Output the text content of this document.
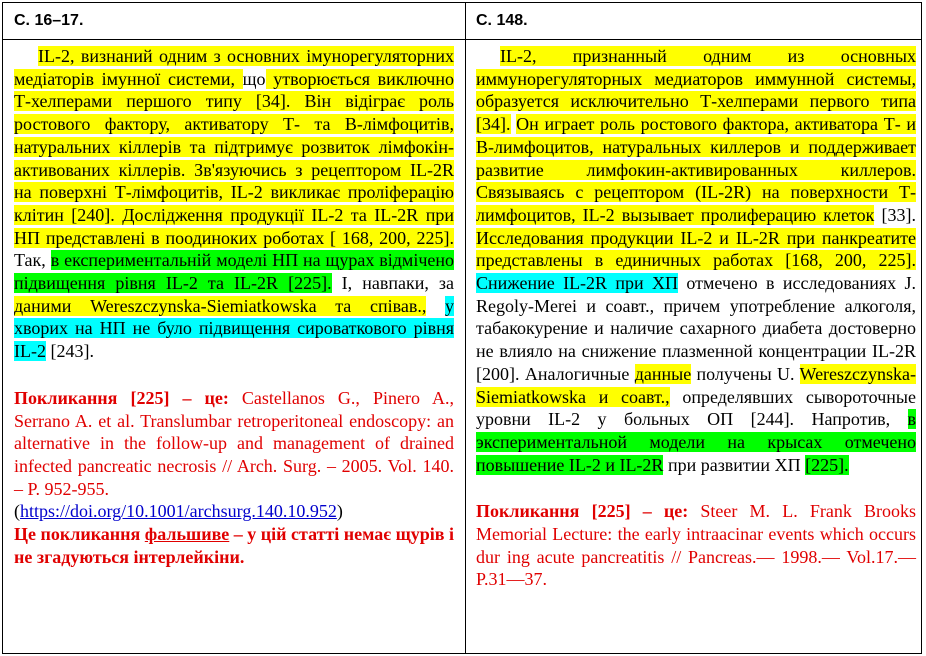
С. 16–17.	С. 148.

IL-2, визнаний одним з основних імунорегуляторних медіаторів імунної системи, що утворюється виключно Т-хелперами першого типу [34]. Він відіграє роль ростового фактору, активатору Т- та В-лімфоцитів, натуральних кіллерів та підтримує розвиток лімфокін-активованих кіллерів. Зв'язуючись з рецептором IL-2R на поверхні Т-лімфоцитів, IL-2 викликає проліферацію клітин [240]. Дослідження продукції IL-2 та IL-2R при НП представлені в поодиноких роботах [ 168, 200, 225]. Так, в експериментальній моделі НП на щурах відмічено підвищення рівня IL-2 та IL-2R [225]. І, навпаки, за даними Wereszczynska-Siemiatkowska та співав., у хворих на НП не було підвищення сироваткового рівня IL-2 [243].

Покликання [225] – це: Castellanos G., Pinero A., Serrano A. et al. Translumbar retroperitoneal endoscopy: an alternative in the follow-up and management of drained infected pancreatic necrosis // Arch. Surg. – 2005. Vol. 140. – P. 952-955.

(https://doi.org/10.1001/archsurg.140.10.952)

Це покликання фальшиве – у цій статті немає щурів і не згадуються інтерлейкіни.

IL-2, признанный одним из основных иммунорегуляторных медиаторов иммунной системы, образуется исключительно Т-хелперами первого типа [34]. Он играет роль ростового фактора, активатора Т- и В-лимфоцитов, натуральных киллеров и поддерживает развитие лимфокин-активированных киллеров. Связываясь с рецептором (IL-2R) на поверхности Т-лимфоцитов, IL-2 вызывает пролиферацию клеток [33]. Исследования продукции IL-2 и IL-2R при панкреатите представлены в единичных работах [168, 200, 225]. Снижение IL-2R при ХП отмечено в исследованиях J. Regoly-Merei и соавт., причем употребление алкоголя, табакокурение и наличие сахарного диабета достоверно не влияло на снижение плазменной концентрации IL-2R [200]. Аналогичные данные получены U. Wereszczynska-Siemiatkowska и соавт., определявших сывороточные уровни IL-2 у больных ОП [244]. Напротив, в экспериментальной модели на крысах отмечено повышение IL-2 и IL-2R при развитии ХП [225].

Покликання [225] – це: Steer M. L. Frank Brooks Memorial Lecture: the early intraacinar events which occurs dur ing acute pancreatitis // Pancreas.— 1998.— Vol.17.— P.31—37.
